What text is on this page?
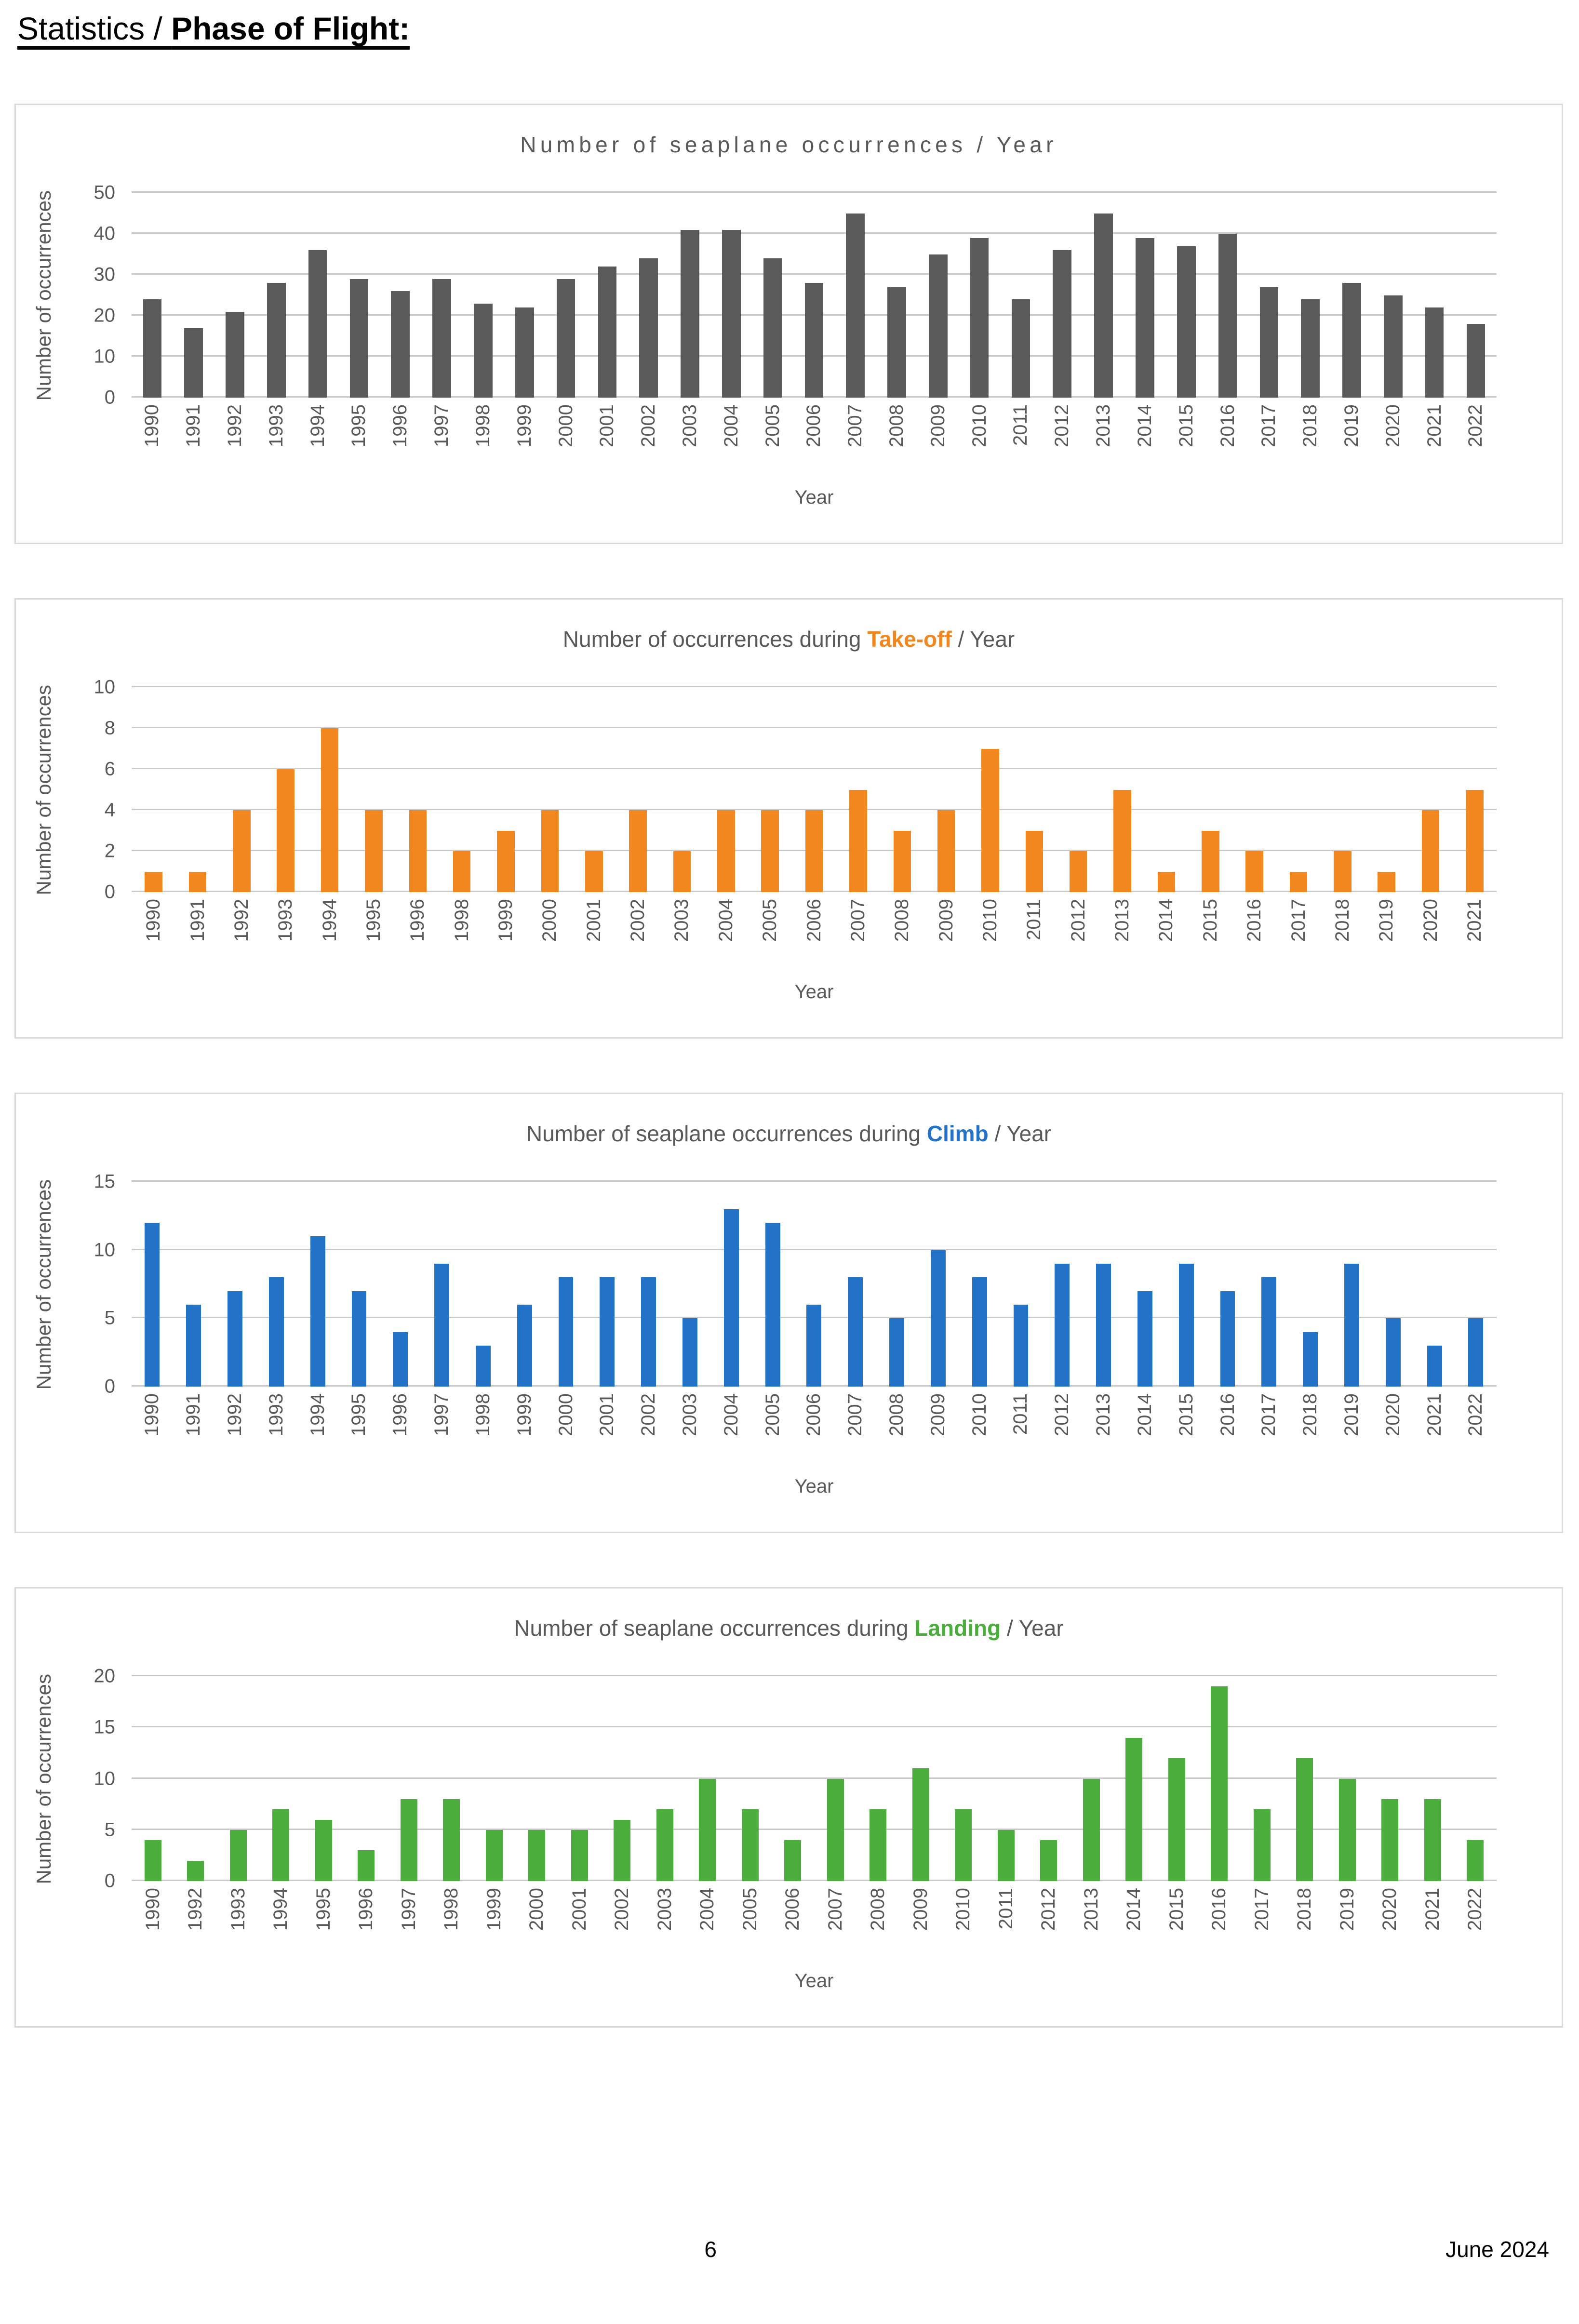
Statistics / Phase of Flight:
Number of seaplane occurrences / Year
Number of occurrences	0
10
20
30
40
50
1990 1991 1992 1993 1994 1995 1996 1997 1998 1999 2000 2001 2002 2003 2004 2005 2006 2007 2008 2009 2010 2011 2012 2013 2014 2015 2016 2017 2018 2019 2020 2021 2022
Year
Number of occurrences during Take-off / Year
Number of occurrences	0
2
4
6
8
10
1990 1991 1992 1993 1994 1995 1996 1998 1999 2000 2001 2002 2003 2004 2005 2006 2007 2008 2009 2010 2011 2012 2013 2014 2015 2016 2017 2018 2019 2020 2021
Year
Number of seaplane occurrences during Climb / Year
Number of occurrences	0
5
10
15
1990 1991 1992 1993 1994 1995 1996 1997 1998 1999 2000 2001 2002 2003 2004 2005 2006 2007 2008 2009 2010 2011 2012 2013 2014 2015 2016 2017 2018 2019 2020 2021 2022
Year
Number of seaplane occurrences during Landing / Year
Number of occurrences	0
5
10
15
20
1990 1992 1993 1994 1995 1996 1997 1998 1999 2000 2001 2002 2003 2004 2005 2006 2007 2008 2009 2010 2011 2012 2013 2014 2015 2016 2017 2018 2019 2020 2021 2022
Year
6	June 2024
